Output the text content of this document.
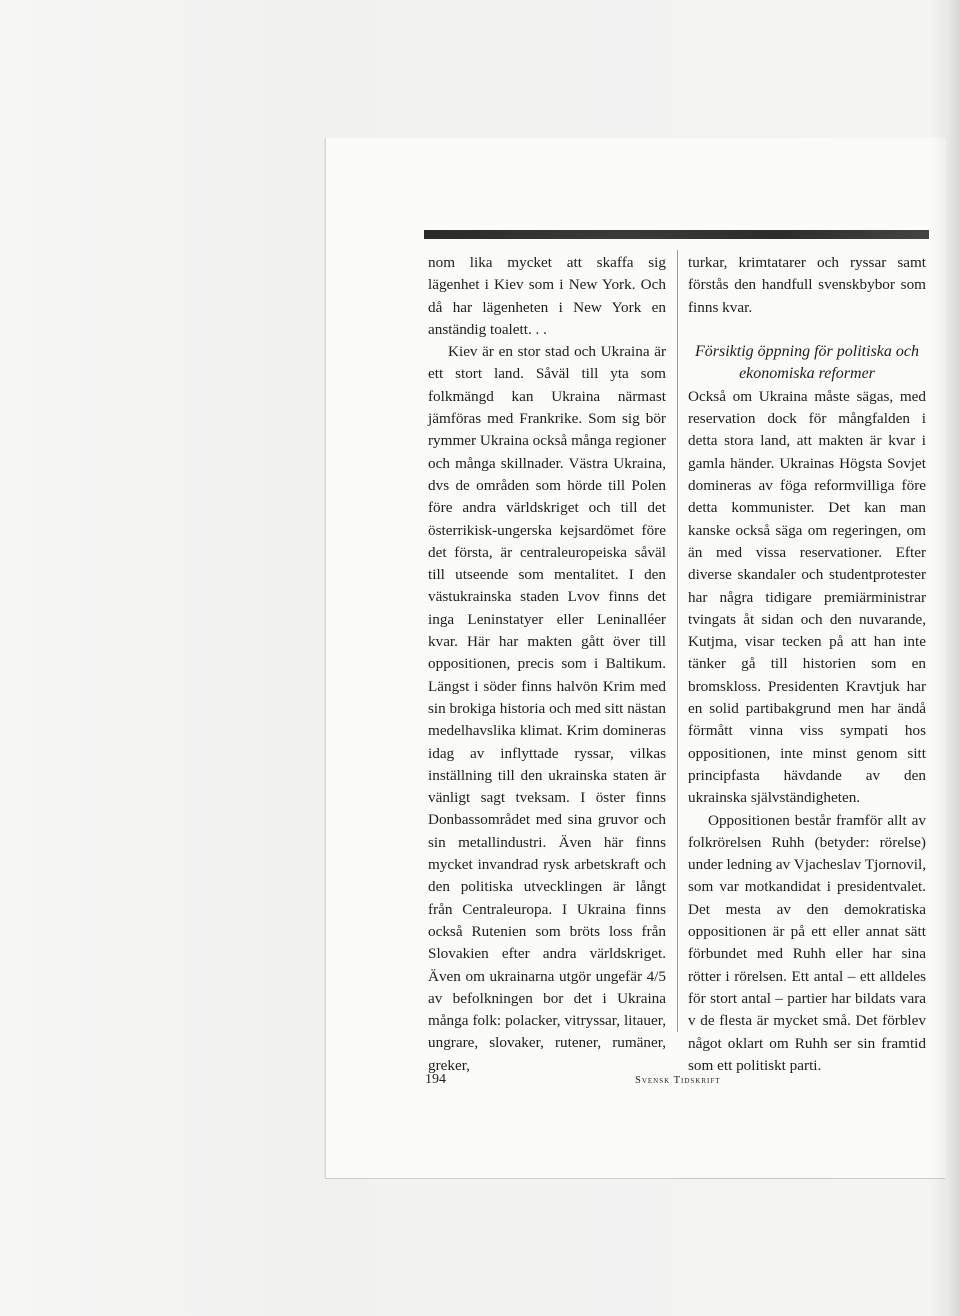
nom lika mycket att skaffa sig lägenhet i Kiev som i New York. Och då har lägenheten i New York en anständig toalett. . .

Kiev är en stor stad och Ukraina är ett stort land. Såväl till yta som folkmängd kan Ukraina närmast jämföras med Frankrike. Som sig bör rymmer Ukraina också många regioner och många skillnader. Västra Ukraina, dvs de områden som hörde till Polen före andra världskriget och till det österrikisk-ungerska kejsardömet före det första, är centraleuropeiska såväl till utseende som mentalitet. I den västukrainska staden Lvov finns det inga Leninstatyer eller Leninalléer kvar. Här har makten gått över till oppositionen, precis som i Baltikum. Längst i söder finns halvön Krim med sin brokiga historia och med sitt nästan medelhavslika klimat. Krim domineras idag av inflyttade ryssar, vilkas inställning till den ukrainska staten är vänligt sagt tveksam. I öster finns Donbassområdet med sina gruvor och sin metallindustri. Även här finns mycket invandrad rysk arbetskraft och den politiska utvecklingen är långt från Centraleuropa. I Ukraina finns också Rutenien som bröts loss från Slovakien efter andra världskriget. Även om ukrainarna utgör ungefär 4/5 av befolkningen bor det i Ukraina många folk: polacker, vitryssar, litauer, ungrare, slovaker, rutener, rumäner, greker,

turkar, krimtatarer och ryssar samt förstås den handfull svenskbybor som finns kvar.

Försiktig öppning för politiska och
ekonomiska reformer

Också om Ukraina måste sägas, med reservation dock för mångfalden i detta stora land, att makten är kvar i gamla händer. Ukrainas Högsta Sovjet domineras av föga reformvilliga före detta kommunister. Det kan man kanske också säga om regeringen, om än med vissa reservationer. Efter diverse skandaler och studentprotester har några tidigare premiärministrar tvingats åt sidan och den nuvarande, Kutjma, visar tecken på att han inte tänker gå till historien som en bromskloss. Presidenten Kravtjuk har en solid partibakgrund men har ändå förmått vinna viss sympati hos oppositionen, inte minst genom sitt principfasta hävdande av den ukrainska självständigheten.

Oppositionen består framför allt av folkrörelsen Ruhh (betyder: rörelse) under ledning av Vjacheslav Tjornovil, som var motkandidat i presidentvalet. Det mesta av den demokratiska oppositionen är på ett eller annat sätt förbundet med Ruhh eller har sina rötter i rörelsen. Ett antal – ett alldeles för stort antal – partier har bildats vara v de flesta är mycket små. Det förblev något oklart om Ruhh ser sin framtid som ett politiskt parti.

194	Svensk Tidskrift
